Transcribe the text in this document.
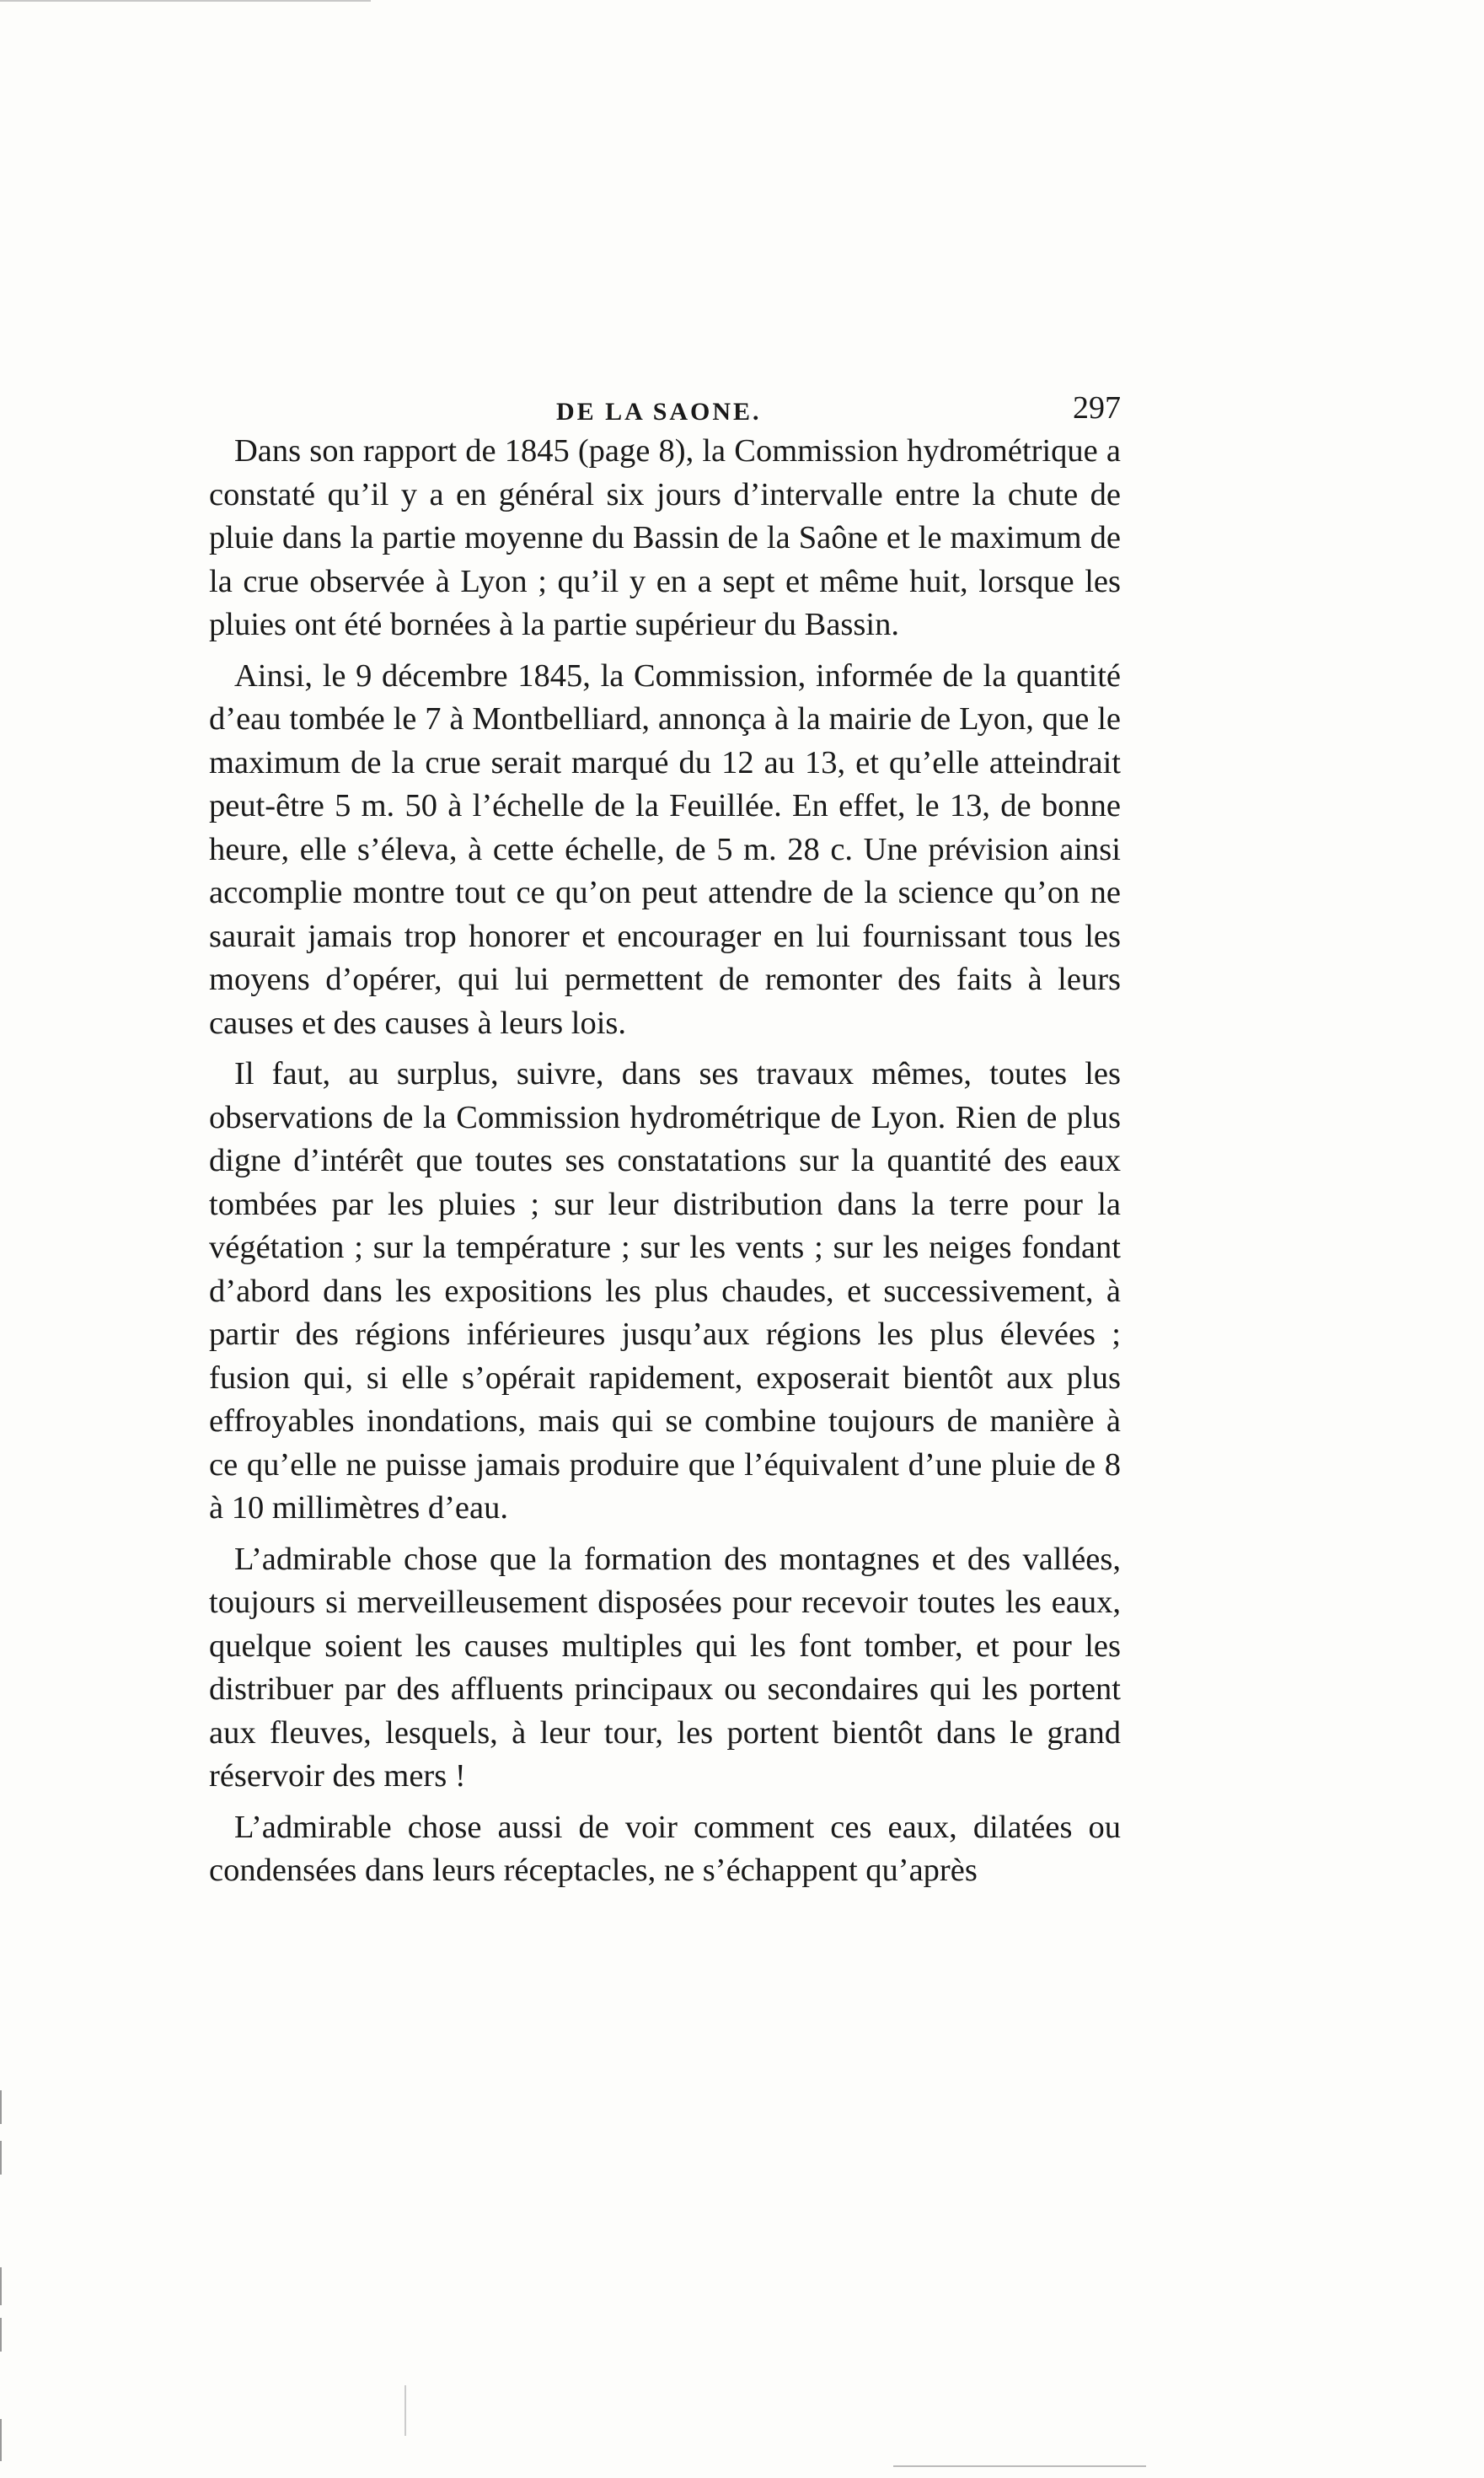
DE LA SAONE.	297

Dans son rapport de 1845 (page 8), la Commission hydrométrique a constaté qu’il y a en général six jours d’intervalle entre la chute de pluie dans la partie moyenne du Bassin de la Saône et le maximum de la crue observée à Lyon ; qu’il y en a sept et même huit, lorsque les pluies ont été bornées à la partie supérieur du Bassin.

Ainsi, le 9 décembre 1845, la Commission, informée de la quantité d’eau tombée le 7 à Montbelliard, annonça à la mairie de Lyon, que le maximum de la crue serait marqué du 12 au 13, et qu’elle atteindrait peut-être 5 m. 50 à l’échelle de la Feuillée. En effet, le 13, de bonne heure, elle s’éleva, à cette échelle, de 5 m. 28 c. Une prévision ainsi accomplie montre tout ce qu’on peut attendre de la science qu’on ne saurait jamais trop honorer et encourager en lui fournissant tous les moyens d’opérer, qui lui permettent de remonter des faits à leurs causes et des causes à leurs lois.

Il faut, au surplus, suivre, dans ses travaux mêmes, toutes les observations de la Commission hydrométrique de Lyon. Rien de plus digne d’intérêt que toutes ses constatations sur la quantité des eaux tombées par les pluies ; sur leur distribution dans la terre pour la végétation ; sur la température ; sur les vents ; sur les neiges fondant d’abord dans les expositions les plus chaudes, et successivement, à partir des régions inférieures jusqu’aux régions les plus élevées ; fusion qui, si elle s’opérait rapidement, exposerait bientôt aux plus effroyables inondations, mais qui se combine toujours de manière à ce qu’elle ne puisse jamais produire que l’équivalent d’une pluie de 8 à 10 millimètres d’eau.

L’admirable chose que la formation des montagnes et des vallées, toujours si merveilleusement disposées pour recevoir toutes les eaux, quelque soient les causes multiples qui les font tomber, et pour les distribuer par des affluents principaux ou secondaires qui les portent aux fleuves, lesquels, à leur tour, les portent bientôt dans le grand réservoir des mers !

L’admirable chose aussi de voir comment ces eaux, dilatées ou condensées dans leurs réceptacles, ne s’échappent qu’après
